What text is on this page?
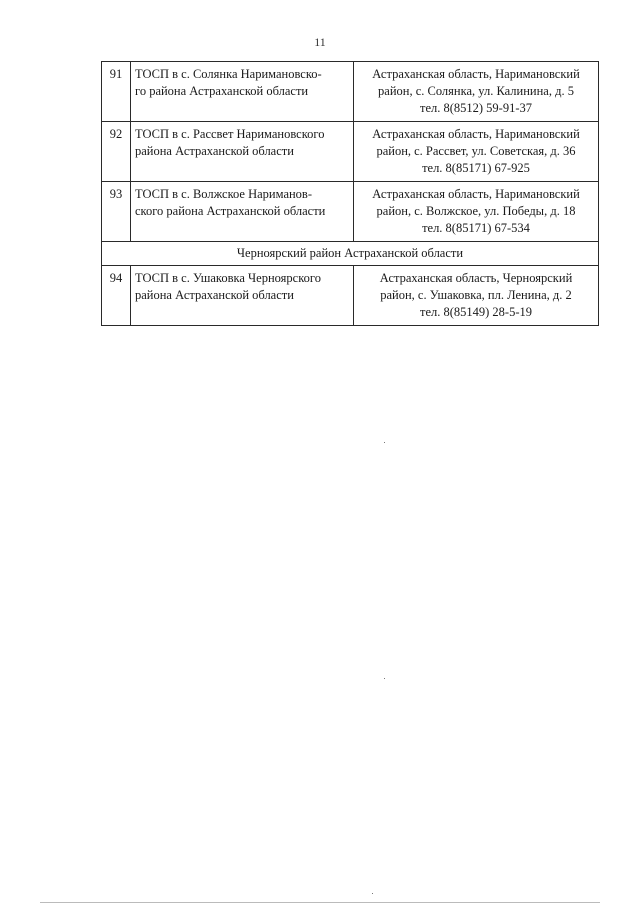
11
91	ТОСП в с. Солянка Наримановско-
го района Астраханской области	Астраханская область, Наримановский
район, с. Солянка, ул. Калинина, д. 5
тел. 8(8512) 59-91-37

92	ТОСП в с. Рассвет Наримановского
района Астраханской области	Астраханская область, Наримановский
район, с. Рассвет, ул. Советская, д. 36
тел. 8(85171) 67-925

93	ТОСП в с. Волжское Нариманов-
ского района Астраханской области	Астраханская область, Наримановский
район, с. Волжское, ул. Победы, д. 18
тел. 8(85171) 67-534

Черноярский район Астраханской области		
94	ТОСП в с. Ушаковка Черноярского
района Астраханской области	Астраханская область, Черноярский
район, с. Ушаковка, пл. Ленина, д. 2
тел. 8(85149) 28-5-19
